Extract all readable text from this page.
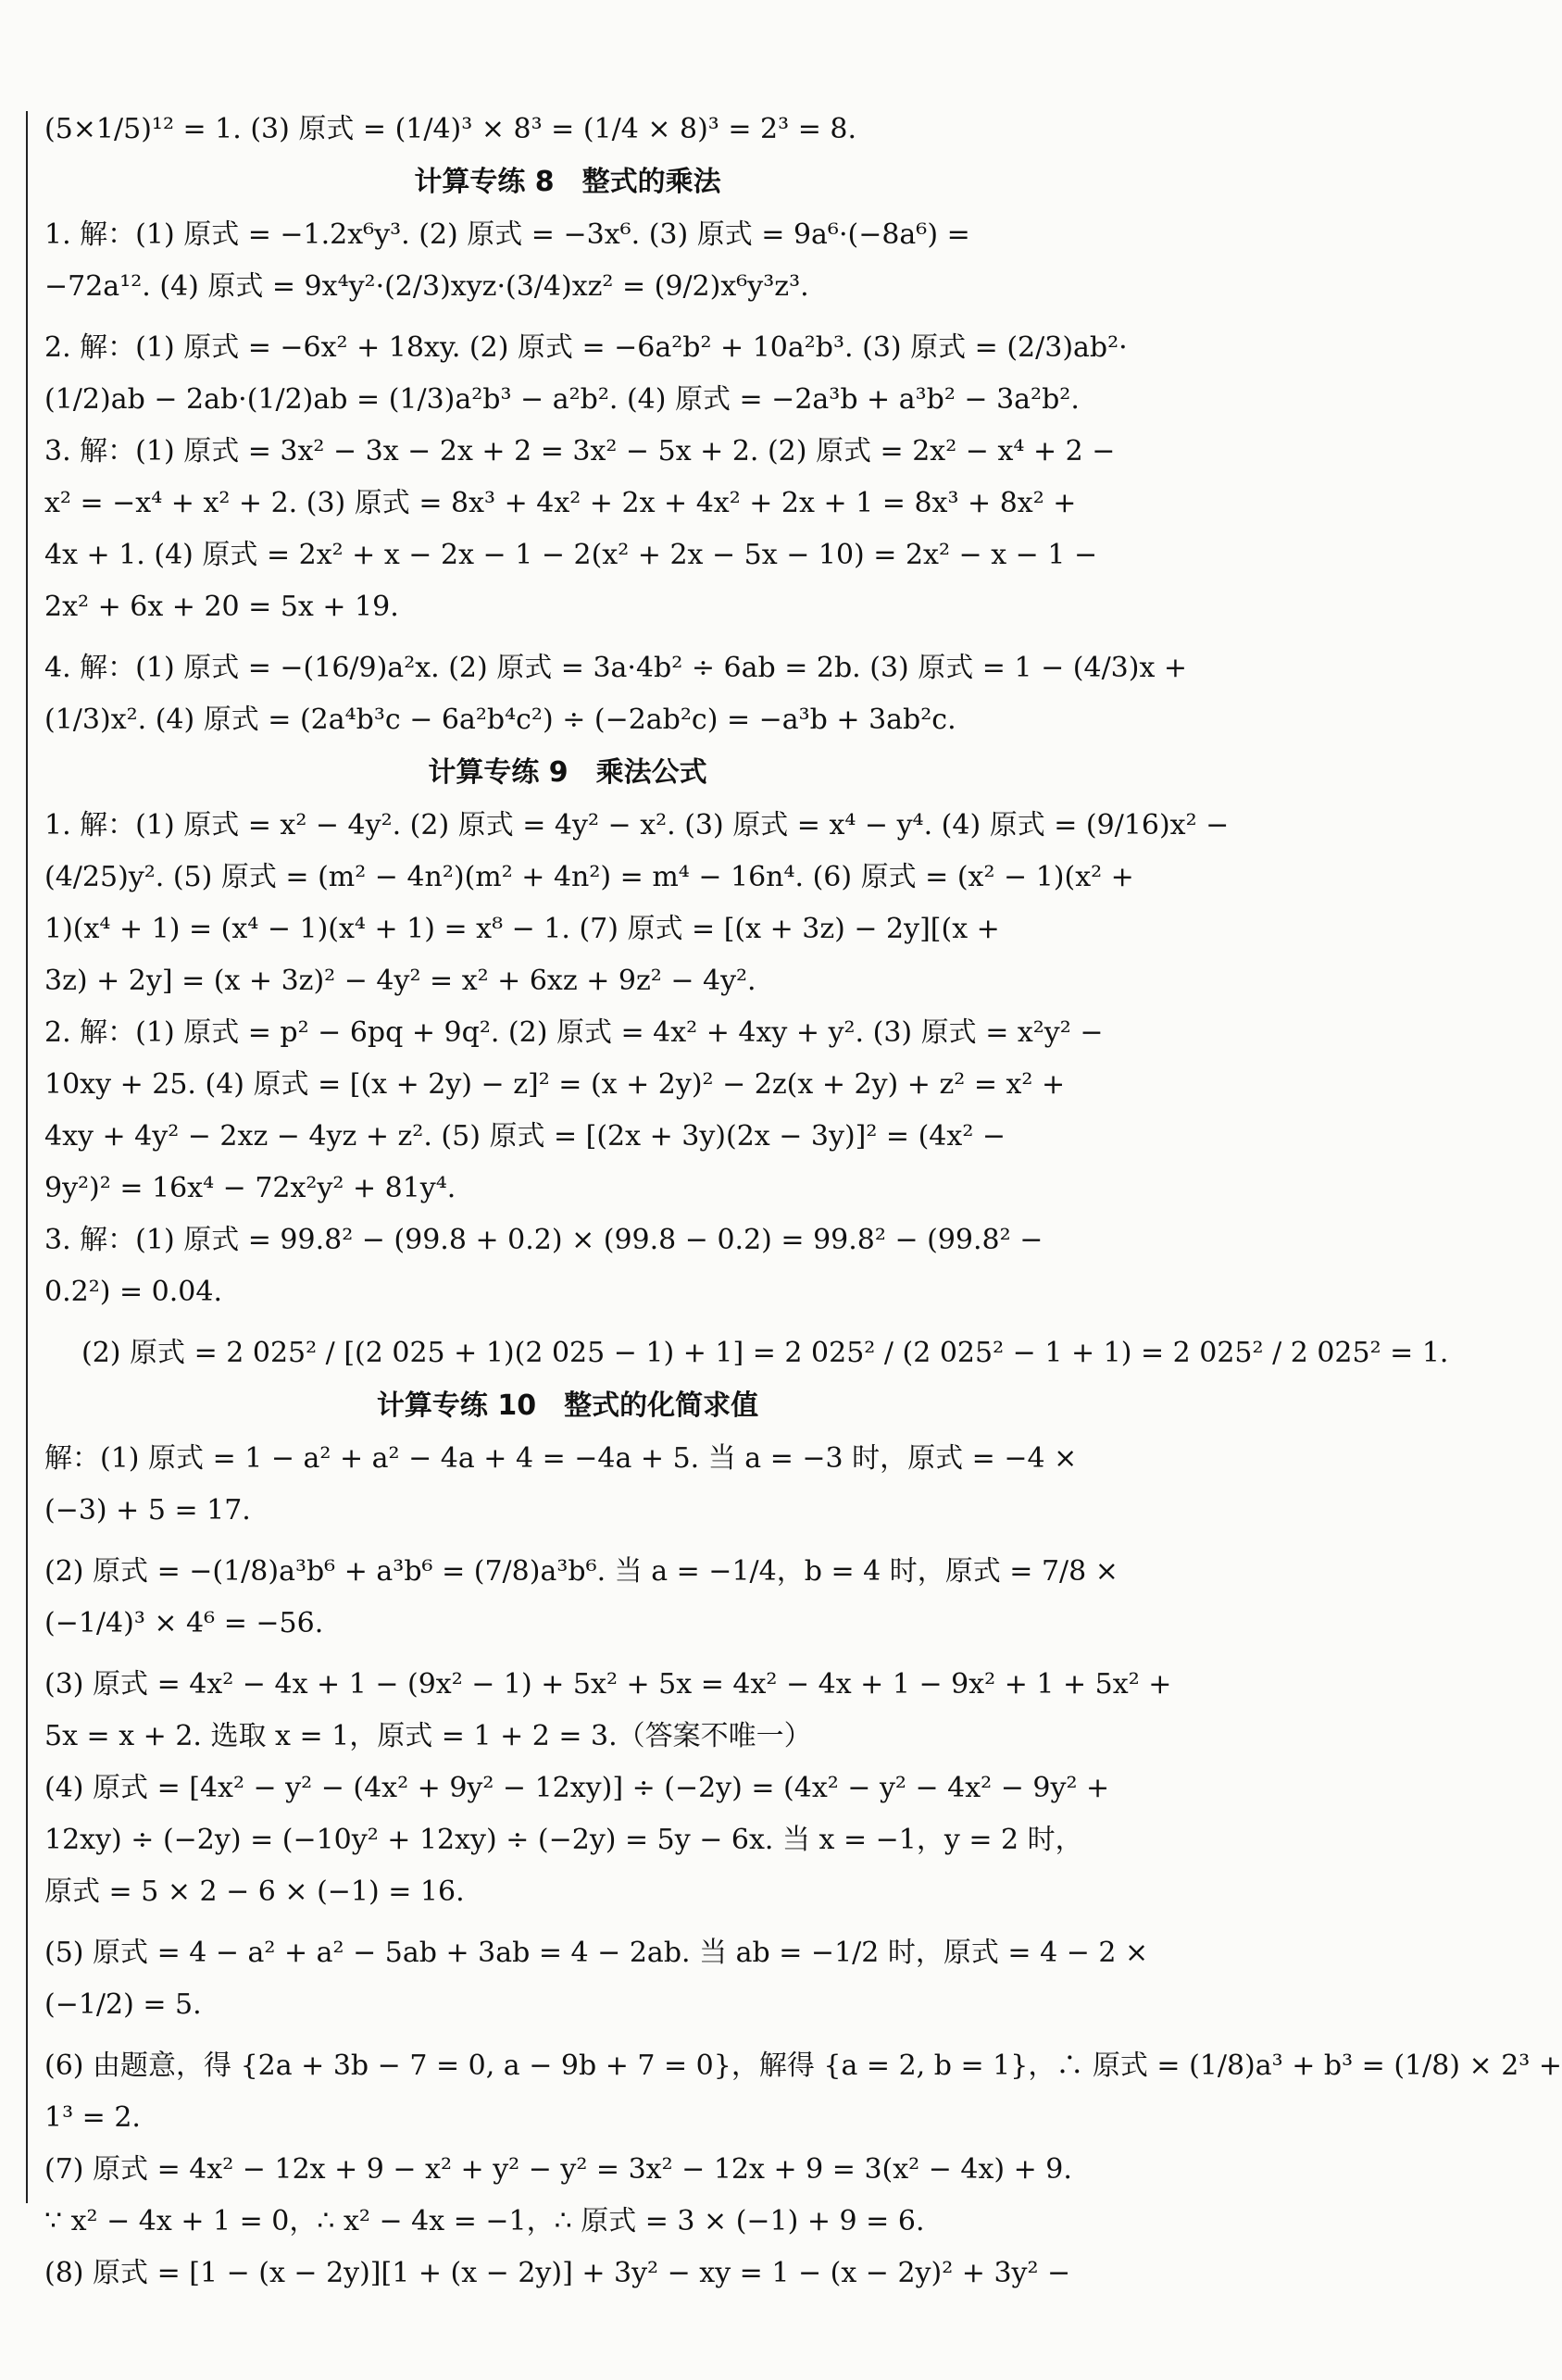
(5×1/5)¹² = 1. (3) 原式 = (1/4)³ × 8³ = (1/4 × 8)³ = 2³ = 8.
计算专练 8　整式的乘法
1. 解：(1) 原式 = −1.2x⁶y³. (2) 原式 = −3x⁶. (3) 原式 = 9a⁶·(−8a⁶) =
−72a¹². (4) 原式 = 9x⁴y²·(2/3)xyz·(3/4)xz² = (9/2)x⁶y³z³.
2. 解：(1) 原式 = −6x² + 18xy. (2) 原式 = −6a²b² + 10a²b³. (3) 原式 = (2/3)ab²·
(1/2)ab − 2ab·(1/2)ab = (1/3)a²b³ − a²b². (4) 原式 = −2a³b + a³b² − 3a²b².
3. 解：(1) 原式 = 3x² − 3x − 2x + 2 = 3x² − 5x + 2. (2) 原式 = 2x² − x⁴ + 2 −
x² = −x⁴ + x² + 2. (3) 原式 = 8x³ + 4x² + 2x + 4x² + 2x + 1 = 8x³ + 8x² +
4x + 1. (4) 原式 = 2x² + x − 2x − 1 − 2(x² + 2x − 5x − 10) = 2x² − x − 1 −
2x² + 6x + 20 = 5x + 19.
4. 解：(1) 原式 = −(16/9)a²x. (2) 原式 = 3a·4b² ÷ 6ab = 2b. (3) 原式 = 1 − (4/3)x +
(1/3)x². (4) 原式 = (2a⁴b³c − 6a²b⁴c²) ÷ (−2ab²c) = −a³b + 3ab²c.
计算专练 9　乘法公式
1. 解：(1) 原式 = x² − 4y². (2) 原式 = 4y² − x². (3) 原式 = x⁴ − y⁴. (4) 原式 = (9/16)x² −
(4/25)y². (5) 原式 = (m² − 4n²)(m² + 4n²) = m⁴ − 16n⁴. (6) 原式 = (x² − 1)(x² +
1)(x⁴ + 1) = (x⁴ − 1)(x⁴ + 1) = x⁸ − 1. (7) 原式 = [(x + 3z) − 2y][(x +
3z) + 2y] = (x + 3z)² − 4y² = x² + 6xz + 9z² − 4y².
2. 解：(1) 原式 = p² − 6pq + 9q². (2) 原式 = 4x² + 4xy + y². (3) 原式 = x²y² −
10xy + 25. (4) 原式 = [(x + 2y) − z]² = (x + 2y)² − 2z(x + 2y) + z² = x² +
4xy + 4y² − 2xz − 4yz + z². (5) 原式 = [(2x + 3y)(2x − 3y)]² = (4x² −
9y²)² = 16x⁴ − 72x²y² + 81y⁴.
3. 解：(1) 原式 = 99.8² − (99.8 + 0.2) × (99.8 − 0.2) = 99.8² − (99.8² −
0.2²) = 0.04.
(2) 原式 = 2 025² / [(2 025 + 1)(2 025 − 1) + 1] = 2 025² / (2 025² − 1 + 1) = 2 025² / 2 025² = 1.
计算专练 10　整式的化简求值
解：(1) 原式 = 1 − a² + a² − 4a + 4 = −4a + 5. 当 a = −3 时，原式 = −4 ×
(−3) + 5 = 17.
(2) 原式 = −(1/8)a³b⁶ + a³b⁶ = (7/8)a³b⁶. 当 a = −1/4，b = 4 时，原式 = 7/8 ×
(−1/4)³ × 4⁶ = −56.
(3) 原式 = 4x² − 4x + 1 − (9x² − 1) + 5x² + 5x = 4x² − 4x + 1 − 9x² + 1 + 5x² +
5x = x + 2. 选取 x = 1，原式 = 1 + 2 = 3.（答案不唯一）
(4) 原式 = [4x² − y² − (4x² + 9y² − 12xy)] ÷ (−2y) = (4x² − y² − 4x² − 9y² +
12xy) ÷ (−2y) = (−10y² + 12xy) ÷ (−2y) = 5y − 6x. 当 x = −1，y = 2 时，
原式 = 5 × 2 − 6 × (−1) = 16.
(5) 原式 = 4 − a² + a² − 5ab + 3ab = 4 − 2ab. 当 ab = −1/2 时，原式 = 4 − 2 ×
(−1/2) = 5.
(6) 由题意，得 {2a + 3b − 7 = 0, a − 9b + 7 = 0}，解得 {a = 2, b = 1}，∴ 原式 = (1/8)a³ + b³ = (1/8) × 2³ +
1³ = 2.
(7) 原式 = 4x² − 12x + 9 − x² + y² − y² = 3x² − 12x + 9 = 3(x² − 4x) + 9.
∵ x² − 4x + 1 = 0，∴ x² − 4x = −1，∴ 原式 = 3 × (−1) + 9 = 6.
(8) 原式 = [1 − (x − 2y)][1 + (x − 2y)] + 3y² − xy = 1 − (x − 2y)² + 3y² −
